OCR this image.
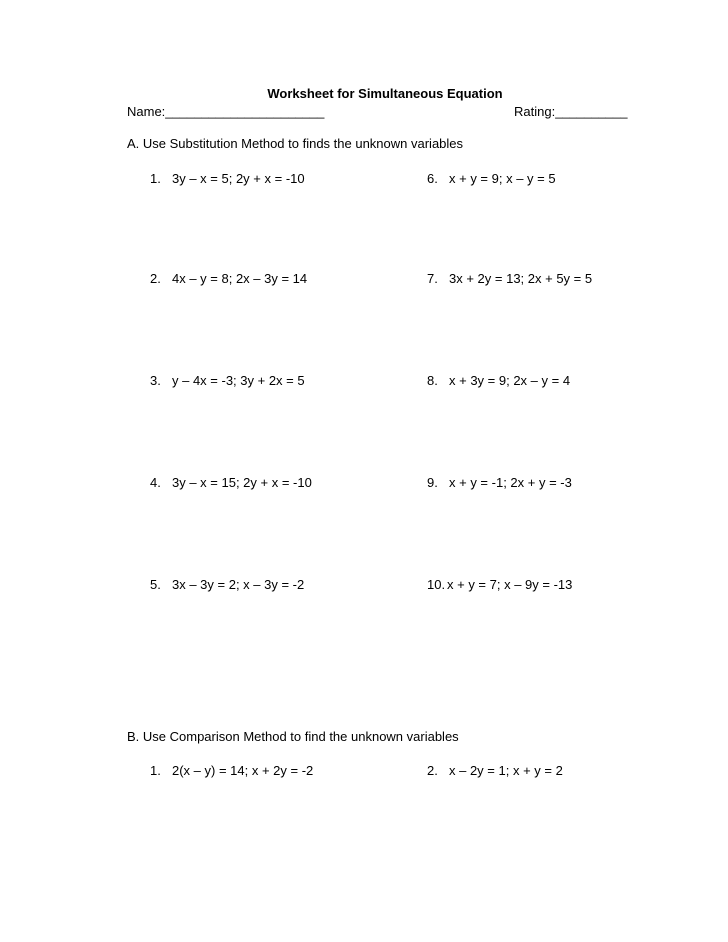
Worksheet for Simultaneous Equation
Name:______________________	Rating:__________
A. Use Substitution Method to finds the unknown variables
1. 3y – x = 5; 2y + x = -10
2. 4x – y = 8; 2x – 3y = 14
3. y – 4x = -3; 3y + 2x = 5
4. 3y – x = 15; 2y + x = -10
5. 3x – 3y = 2; x – 3y = -2
6. x + y = 9; x – y = 5
7. 3x + 2y = 13; 2x + 5y = 5
8. x + 3y = 9; 2x – y = 4
9. x + y = -1; 2x + y = -3
10. x + y = 7; x – 9y = -13
B. Use Comparison Method to find the unknown variables
1. 2(x – y) = 14; x + 2y = -2	2. x – 2y = 1; x + y = 2
